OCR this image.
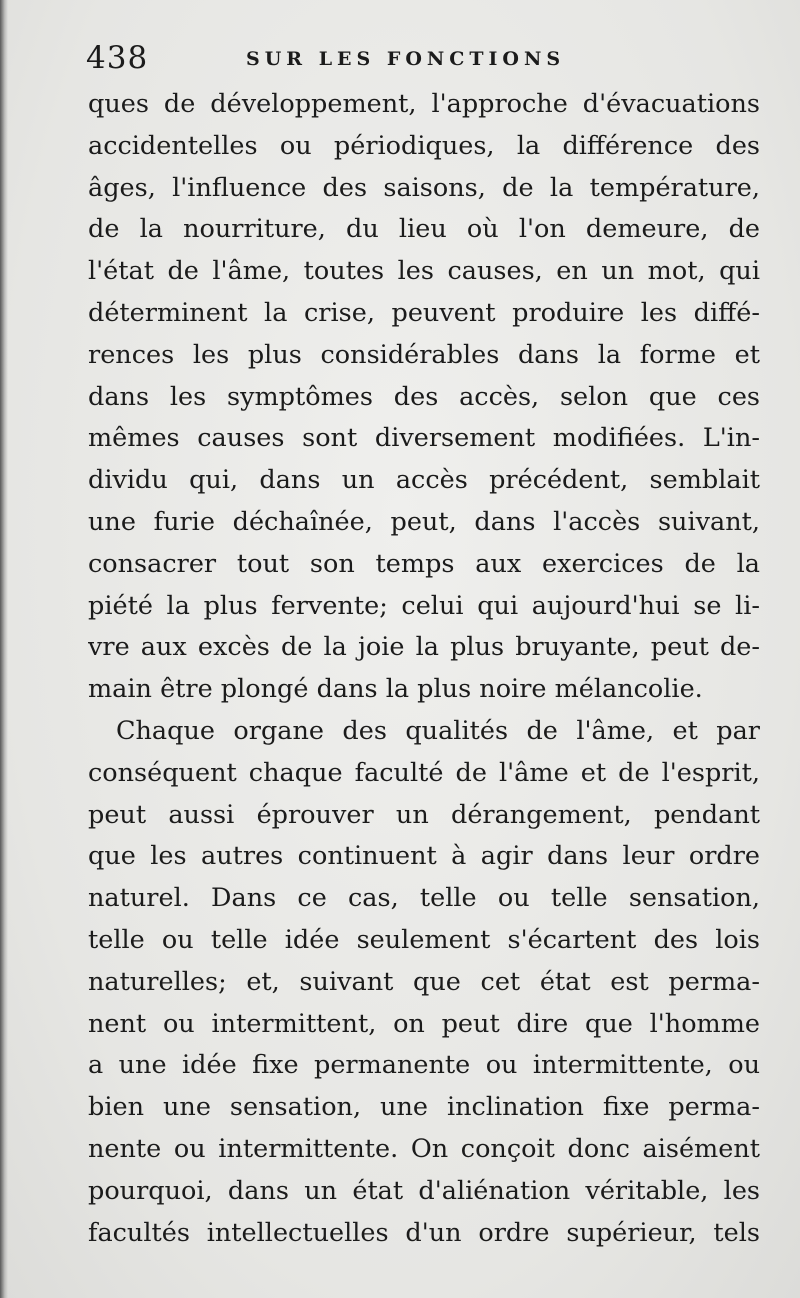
438	SUR LES FONCTIONS
ques de développement, l'approche d'évacuations
accidentelles ou périodiques, la différence des
âges, l'influence des saisons, de la température,
de la nourriture, du lieu où l'on demeure, de
l'état de l'âme, toutes les causes, en un mot, qui
déterminent la crise, peuvent produire les diffé-
rences les plus considérables dans la forme et
dans les symptômes des accès, selon que ces
mêmes causes sont diversement modifiées. L'in-
dividu qui, dans un accès précédent, semblait
une furie déchaînée, peut, dans l'accès suivant,
consacrer tout son temps aux exercices de la
piété la plus fervente; celui qui aujourd'hui se li-
vre aux excès de la joie la plus bruyante, peut de-
main être plongé dans la plus noire mélancolie.
Chaque organe des qualités de l'âme, et par
conséquent chaque faculté de l'âme et de l'esprit,
peut aussi éprouver un dérangement, pendant
que les autres continuent à agir dans leur ordre
naturel. Dans ce cas, telle ou telle sensation,
telle ou telle idée seulement s'écartent des lois
naturelles; et, suivant que cet état est perma-
nent ou intermittent, on peut dire que l'homme
a une idée fixe permanente ou intermittente, ou
bien une sensation, une inclination fixe perma-
nente ou intermittente. On conçoit donc aisément
pourquoi, dans un état d'aliénation véritable, les
facultés intellectuelles d'un ordre supérieur, tels
